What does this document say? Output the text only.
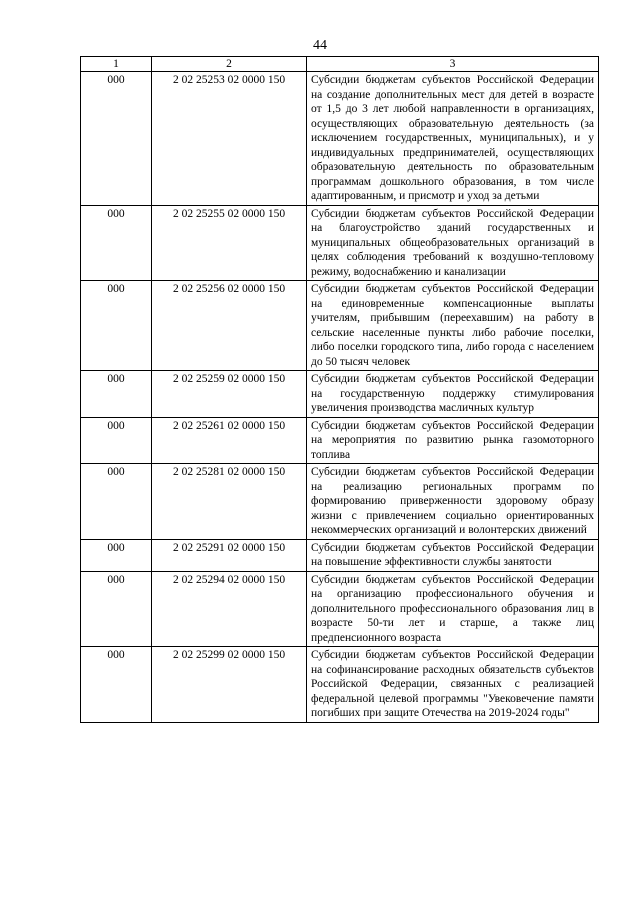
44
1	2	3
000	2 02 25253 02 0000 150	Субсидии бюджетам субъектов Российской Федерации на создание дополнительных мест для детей в возрасте от 1,5 до 3 лет любой направленности в организациях, осуществляющих образовательную деятельность (за исключением государственных, муниципальных), и у индивидуальных предпринимателей, осуществляющих образовательную деятельность по образовательным программам дошкольного образования, в том числе адаптированным, и присмотр и уход за детьми
000	2 02 25255 02 0000 150	Субсидии бюджетам субъектов Российской Федерации на благоустройство зданий государственных и муниципальных общеобразовательных организаций в целях соблюдения требований к воздушно-тепловому режиму, водоснабжению и канализации
000	2 02 25256 02 0000 150	Субсидии бюджетам субъектов Российской Федерации на единовременные компенсационные выплаты учителям, прибывшим (переехавшим) на работу в сельские населенные пункты либо рабочие поселки, либо поселки городского типа, либо города с населением до 50 тысяч человек
000	2 02 25259 02 0000 150	Субсидии бюджетам субъектов Российской Федерации на государственную поддержку стимулирования увеличения производства масличных культур
000	2 02 25261 02 0000 150	Субсидии бюджетам субъектов Российской Федерации на мероприятия по развитию рынка газомоторного топлива
000	2 02 25281 02 0000 150	Субсидии бюджетам субъектов Российской Федерации на реализацию региональных программ по формированию приверженности здоровому образу жизни с привлечением социально ориентированных некоммерческих организаций и волонтерских движений
000	2 02 25291 02 0000 150	Субсидии бюджетам субъектов Российской Федерации на повышение эффективности службы занятости
000	2 02 25294 02 0000 150	Субсидии бюджетам субъектов Российской Федерации на организацию профессионального обучения и дополнительного профессионального образования лиц в возрасте 50-ти лет и старше, а также лиц предпенсионного возраста
000	2 02 25299 02 0000 150	Субсидии бюджетам субъектов Российской Федерации на софинансирование расходных обязательств субъектов Российской Федерации, связанных с реализацией федеральной целевой программы "Увековечение памяти погибших при защите Отечества на 2019-2024 годы"
